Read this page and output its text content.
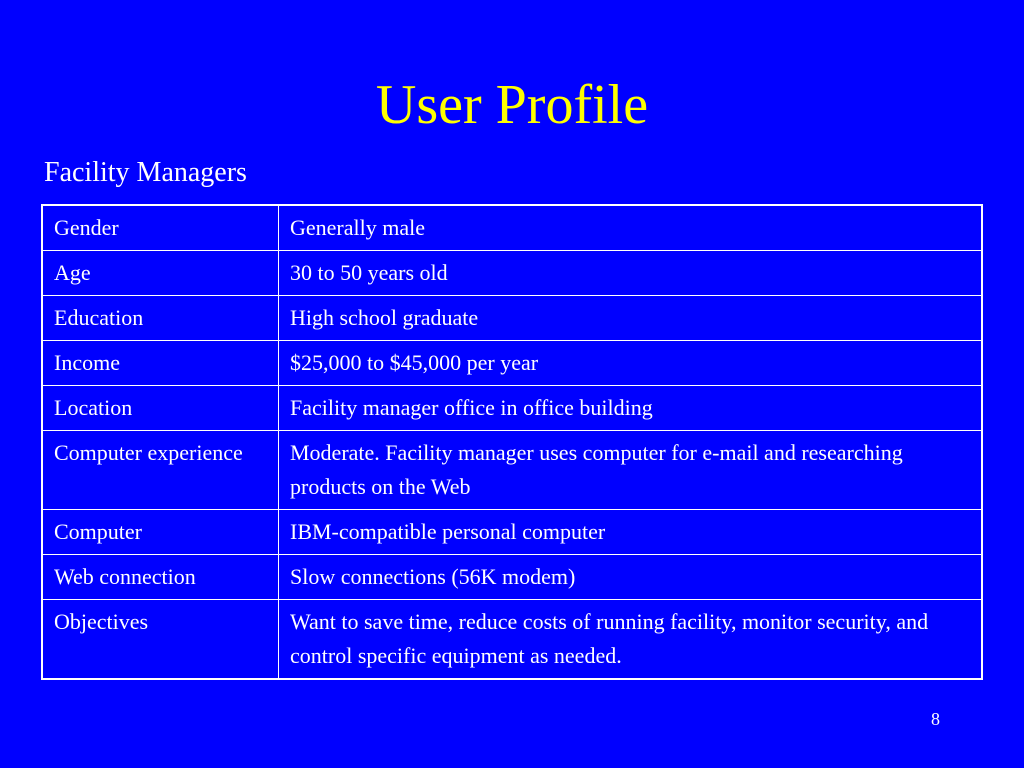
User Profile
Facility Managers
Gender	Generally male
Age	30 to 50 years old
Education	High school graduate
Income	$25,000 to $45,000 per year
Location	Facility manager office in office building
Computer experience	Moderate. Facility manager uses computer for e-mail and researching products on the Web
Computer	IBM-compatible personal computer
Web connection	Slow connections (56K modem)
Objectives	Want to save time, reduce costs of running facility, monitor security, and control specific equipment as needed.
8
